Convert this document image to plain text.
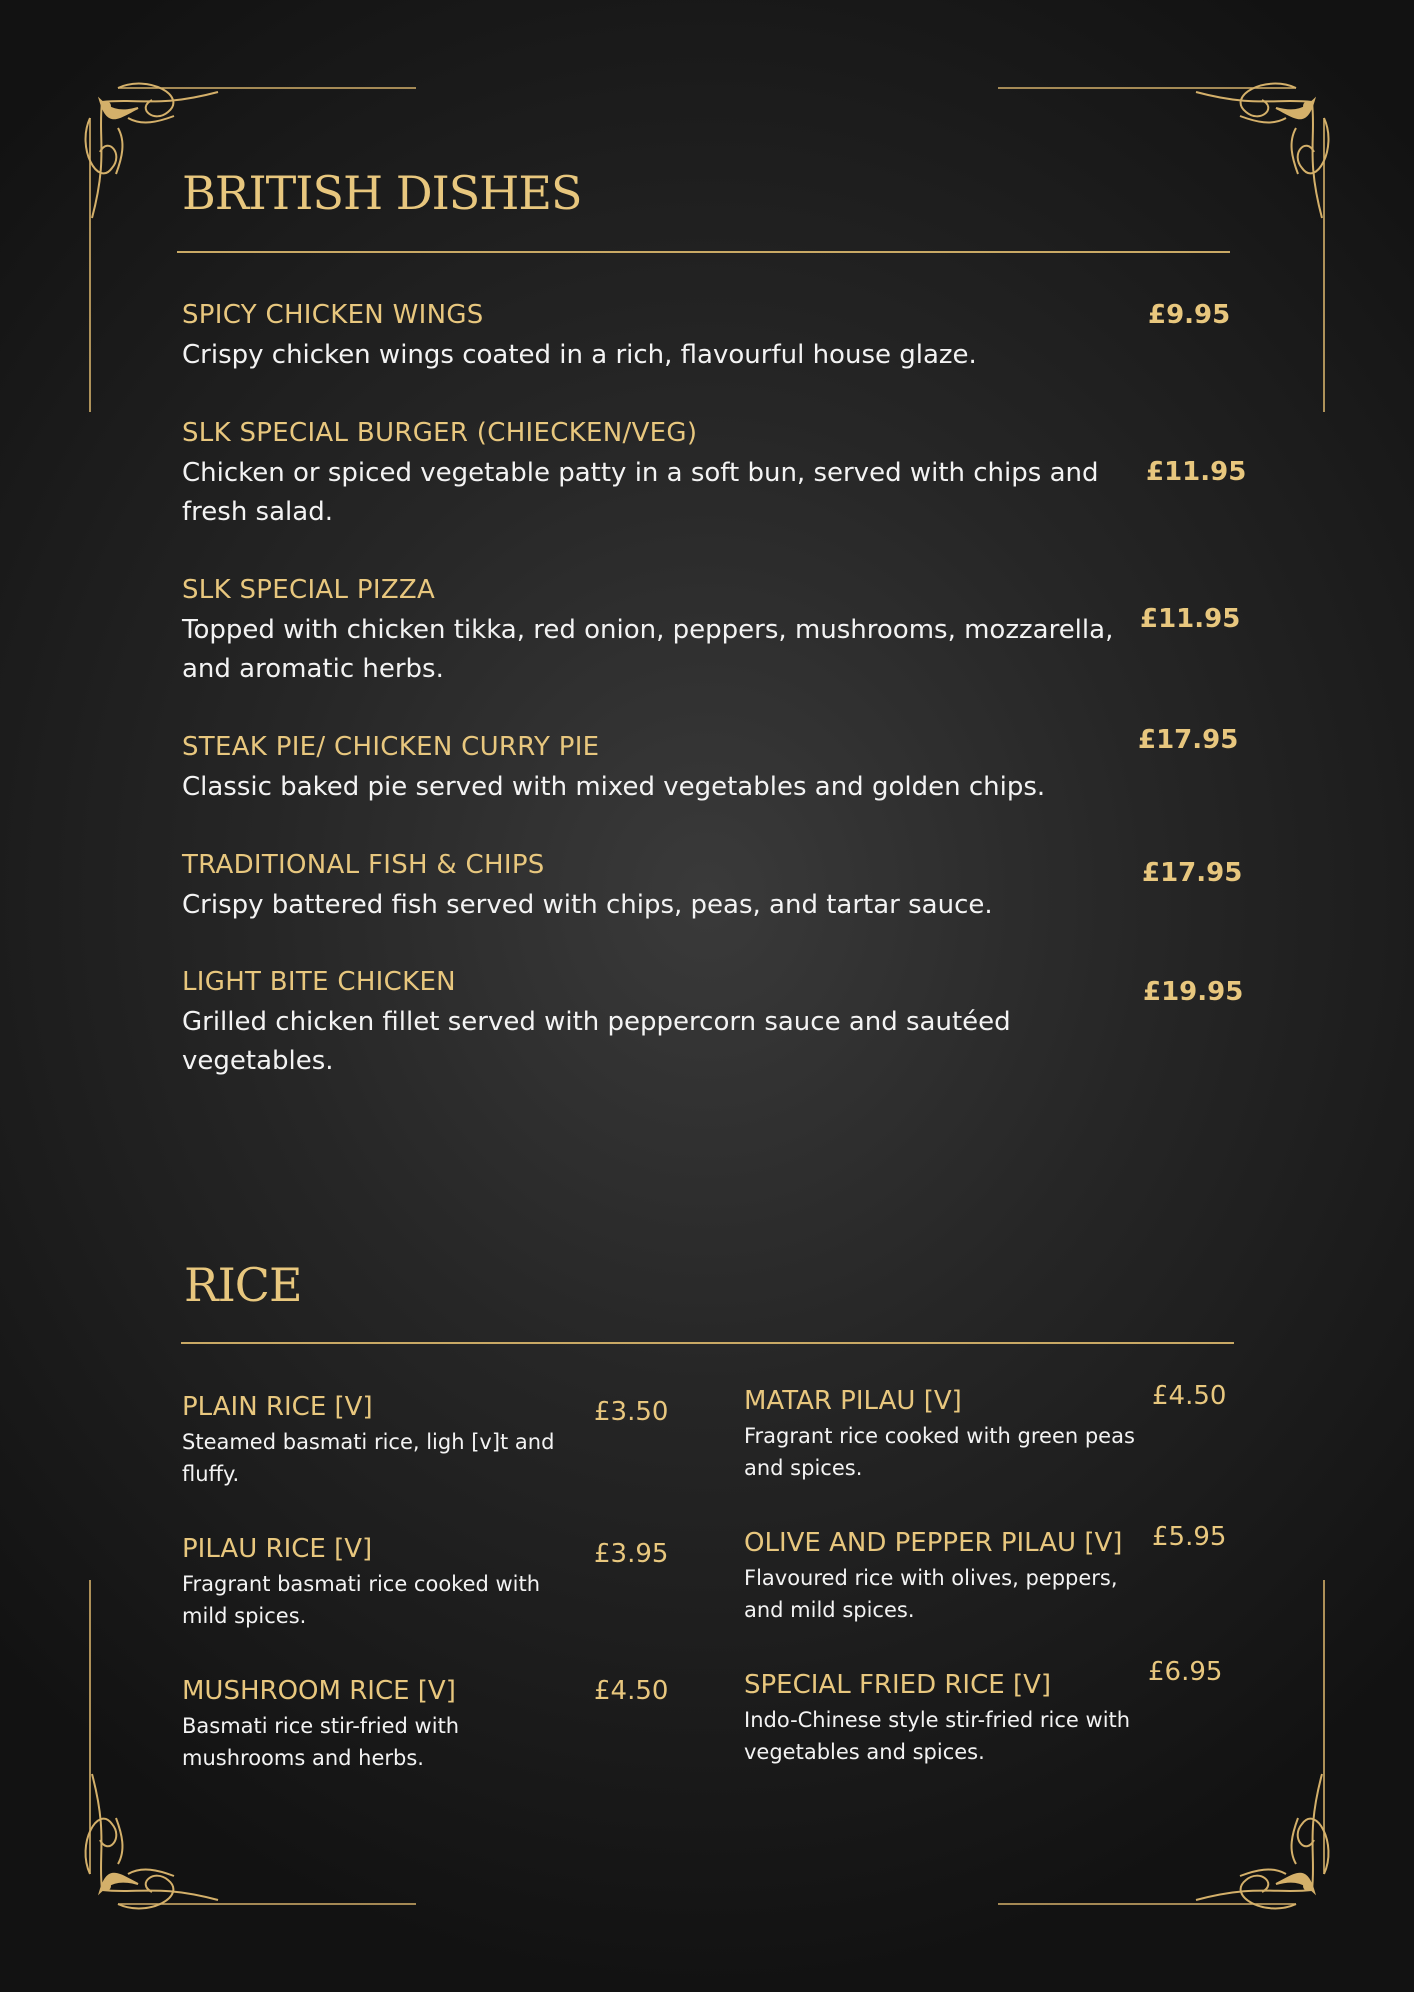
BRITISH DISHES
SPICY CHICKEN WINGS

Crispy chicken wings coated in a rich, flavourful house glaze.

£9.95
SLK SPECIAL BURGER (CHIECKEN/VEG)

Chicken or spiced vegetable patty in a soft bun, served with chips and fresh salad.

£11.95
SLK SPECIAL PIZZA

Topped with chicken tikka, red onion, peppers, mushrooms, mozzarella, and aromatic herbs.

£11.95
STEAK PIE/ CHICKEN CURRY PIE

Classic baked pie served with mixed vegetables and golden chips.

£17.95
TRADITIONAL FISH & CHIPS

Crispy battered fish served with chips, peas, and tartar sauce.

£17.95
LIGHT BITE CHICKEN

Grilled chicken fillet served with peppercorn sauce and sautéed vegetables.

£19.95
RICE
PLAIN RICE [V]

Steamed basmati rice, ligh [v]t and fluffy.

£3.50
PILAU RICE [V]

Fragrant basmati rice cooked with mild spices.

£3.95
MUSHROOM RICE [V]

Basmati rice stir-fried with mushrooms and herbs.

£4.50
MATAR PILAU [V]

Fragrant rice cooked with green peas and spices.

£4.50
OLIVE AND PEPPER PILAU [V]

Flavoured rice with olives, peppers, and mild spices.

£5.95
SPECIAL FRIED RICE [V]

Indo-Chinese style stir-fried rice with vegetables and spices.

£6.95
